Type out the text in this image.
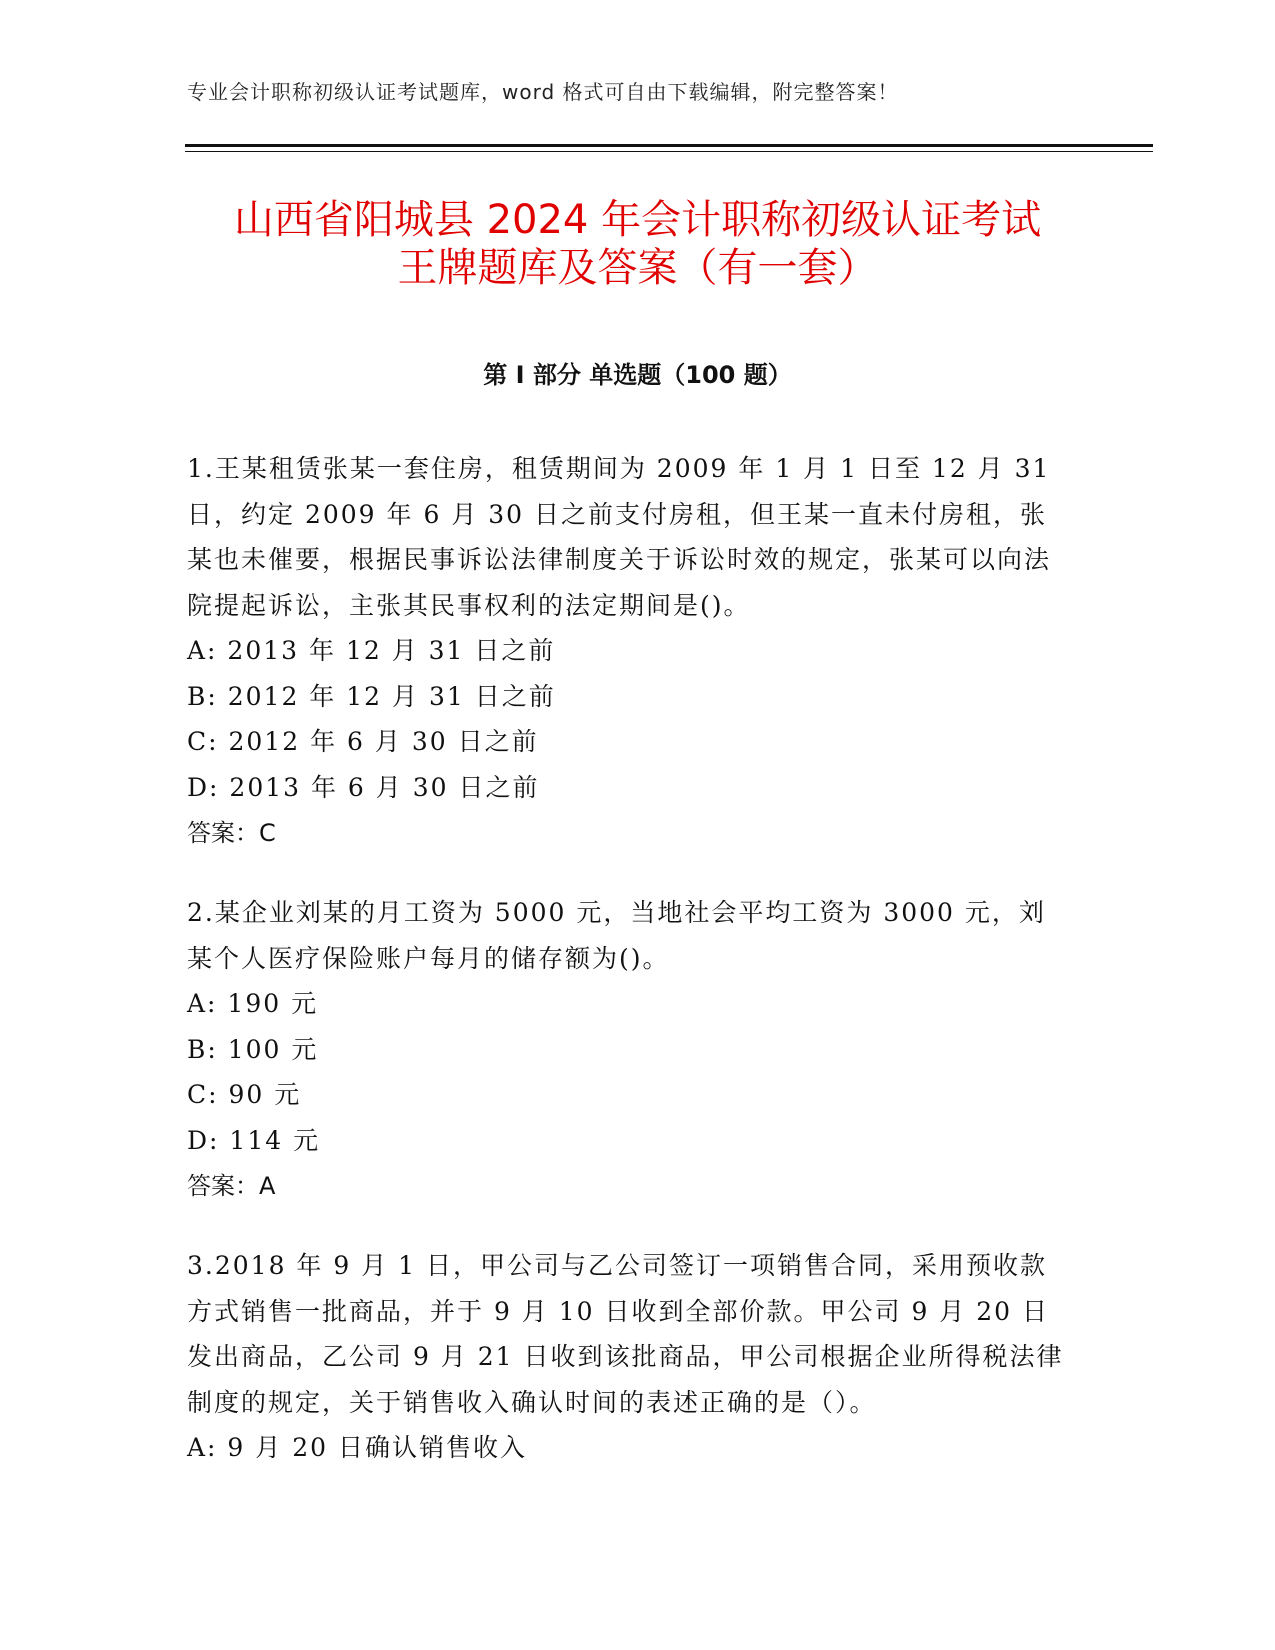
专业会计职称初级认证考试题库，word 格式可自由下载编辑，附完整答案！
山西省阳城县 2024 年会计职称初级认证考试
王牌题库及答案（有一套）
第 I 部分 单选题（100 题）

1.王某租赁张某一套住房，租赁期间为 2009 年 1 月 1 日至 12 月 31 日，约定 2009 年 6 月 30 日之前支付房租，但王某一直未付房租，张某也未催要，根据民事诉讼法律制度关于诉讼时效的规定，张某可以向法院提起诉讼，主张其民事权利的法定期间是()。

A: 2013 年 12 月 31 日之前

B: 2012 年 12 月 31 日之前

C: 2012 年 6 月 30 日之前

D: 2013 年 6 月 30 日之前

答案：C

2.某企业刘某的月工资为 5000 元，当地社会平均工资为 3000 元，刘某个人医疗保险账户每月的储存额为()。

A: 190 元

B: 100 元

C: 90 元

D: 114 元

答案：A

3.2018 年 9 月 1 日，甲公司与乙公司签订一项销售合同，采用预收款方式销售一批商品，并于 9 月 10 日收到全部价款。甲公司 9 月 20 日发出商品，乙公司 9 月 21 日收到该批商品，甲公司根据企业所得税法律制度的规定，关于销售收入确认时间的表述正确的是（）。

A: 9 月 20 日确认销售收入
